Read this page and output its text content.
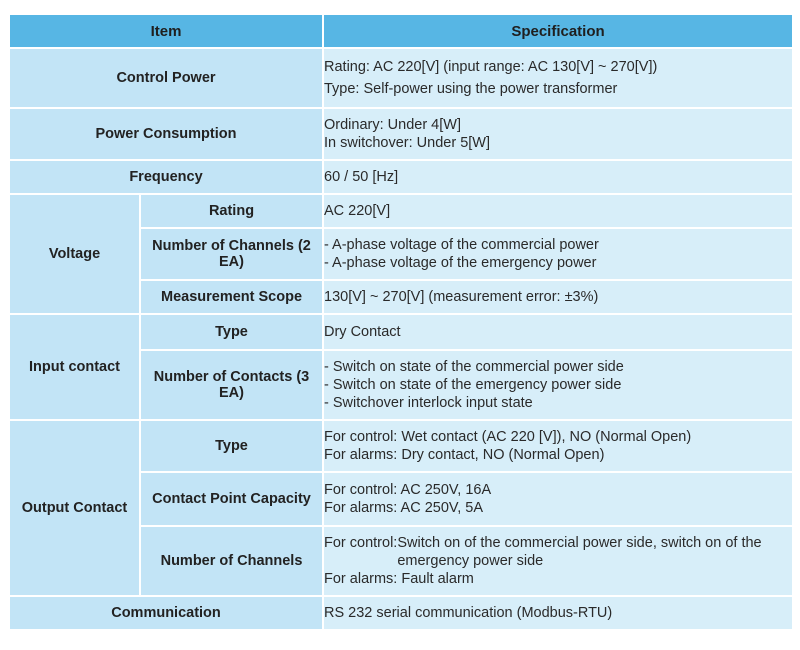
Item		Specification
Control Power		Rating: AC 220[V] (input range: AC 130[V] ~ 270[V])
Type: Self-power using the power transformer

Power Consumption		Ordinary: Under 4[W]
In switchover: Under 5[W]

Frequency		60 / 50 [Hz]
Voltage	Rating	AC 220[V]
	Number of Channels (2 EA)	- A-phase voltage of the commercial power
- A-phase voltage of the emergency power

	Measurement Scope	130[V] ~ 270[V] (measurement error: ±3%)
Input contact	Type	Dry Contact
	Number of Contacts (3 EA)	- Switch on state of the commercial power side
- Switch on state of the emergency power side
- Switchover interlock input state

Output Contact	Type	For control: Wet contact (AC 220 [V]), NO (Normal Open)
For alarms: Dry contact, NO (Normal Open)

	Contact Point Capacity	For control: AC 250V, 16A
For alarms: AC 250V, 5A

	Number of Channels	For control: Switch on of the commercial power side, switch on of the
emergency power side
For alarms: Fault alarm

Communication		RS 232 serial communication (Modbus-RTU)
